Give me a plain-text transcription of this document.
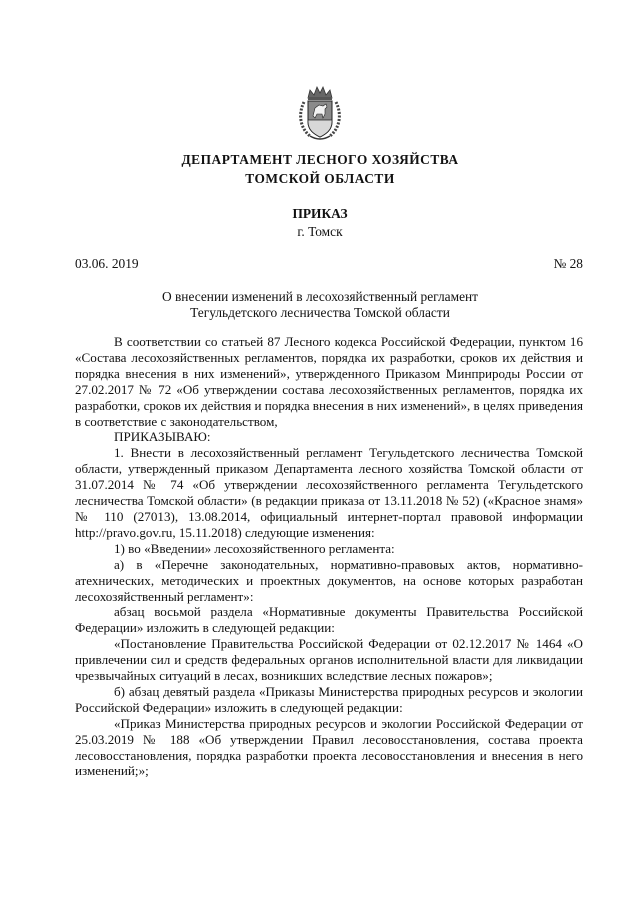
ДЕПАРТАМЕНТ ЛЕСНОГО ХОЗЯЙСТВА
ТОМСКОЙ ОБЛАСТИ
ПРИКАЗ
г. Томск
03.06. 2019	№ 28
О внесении изменений в лесохозяйственный регламент
Тегульдетского лесничества Томской области

В соответствии со статьей 87 Лесного кодекса Российской Федерации, пунктом 16 «Состава лесохозяйственных регламентов, порядка их разработки, сроков их действия и порядка внесения в них изменений», утвержденного Приказом Минприроды России от 27.02.2017 № 72 «Об утверждении состава лесохозяйственных регламентов, порядка их разработки, сроков их действия и порядка внесения в них изменений», в целях приведения в соответствие с законодательством,

ПРИКАЗЫВАЮ:

1. Внести в лесохозяйственный регламент Тегульдетского лесничества Томской области, утвержденный приказом Департамента лесного хозяйства Томской области от 31.07.2014 № 74 «Об утверждении лесохозяйственного регламента Тегульдетского лесничества Томской области» (в редакции приказа от 13.11.2018 № 52) («Красное знамя» № 110 (27013), 13.08.2014, официальный интернет-портал правовой информации http://pravo.gov.ru, 15.11.2018) следующие изменения:

1) во «Введении» лесохозяйственного регламента:

а) в «Перечне законодательных, нормативно-правовых актов, нормативно-атехнических, методических и проектных документов, на основе которых разработан лесохозяйственный регламент»:

абзац восьмой раздела «Нормативные документы Правительства Российской Федерации» изложить в следующей редакции:

«Постановление Правительства Российской Федерации от 02.12.2017 № 1464 «О привлечении сил и средств федеральных органов исполнительной власти для ликвидации чрезвычайных ситуаций в лесах, возникших вследствие лесных пожаров»;

б) абзац девятый раздела «Приказы Министерства природных ресурсов и экологии Российской Федерации» изложить в следующей редакции:

«Приказ Министерства природных ресурсов и экологии Российской Федерации от 25.03.2019 № 188 «Об утверждении Правил лесовосстановления, состава проекта лесовосстановления, порядка разработки проекта лесовосстановления и внесения в него изменений;»;
